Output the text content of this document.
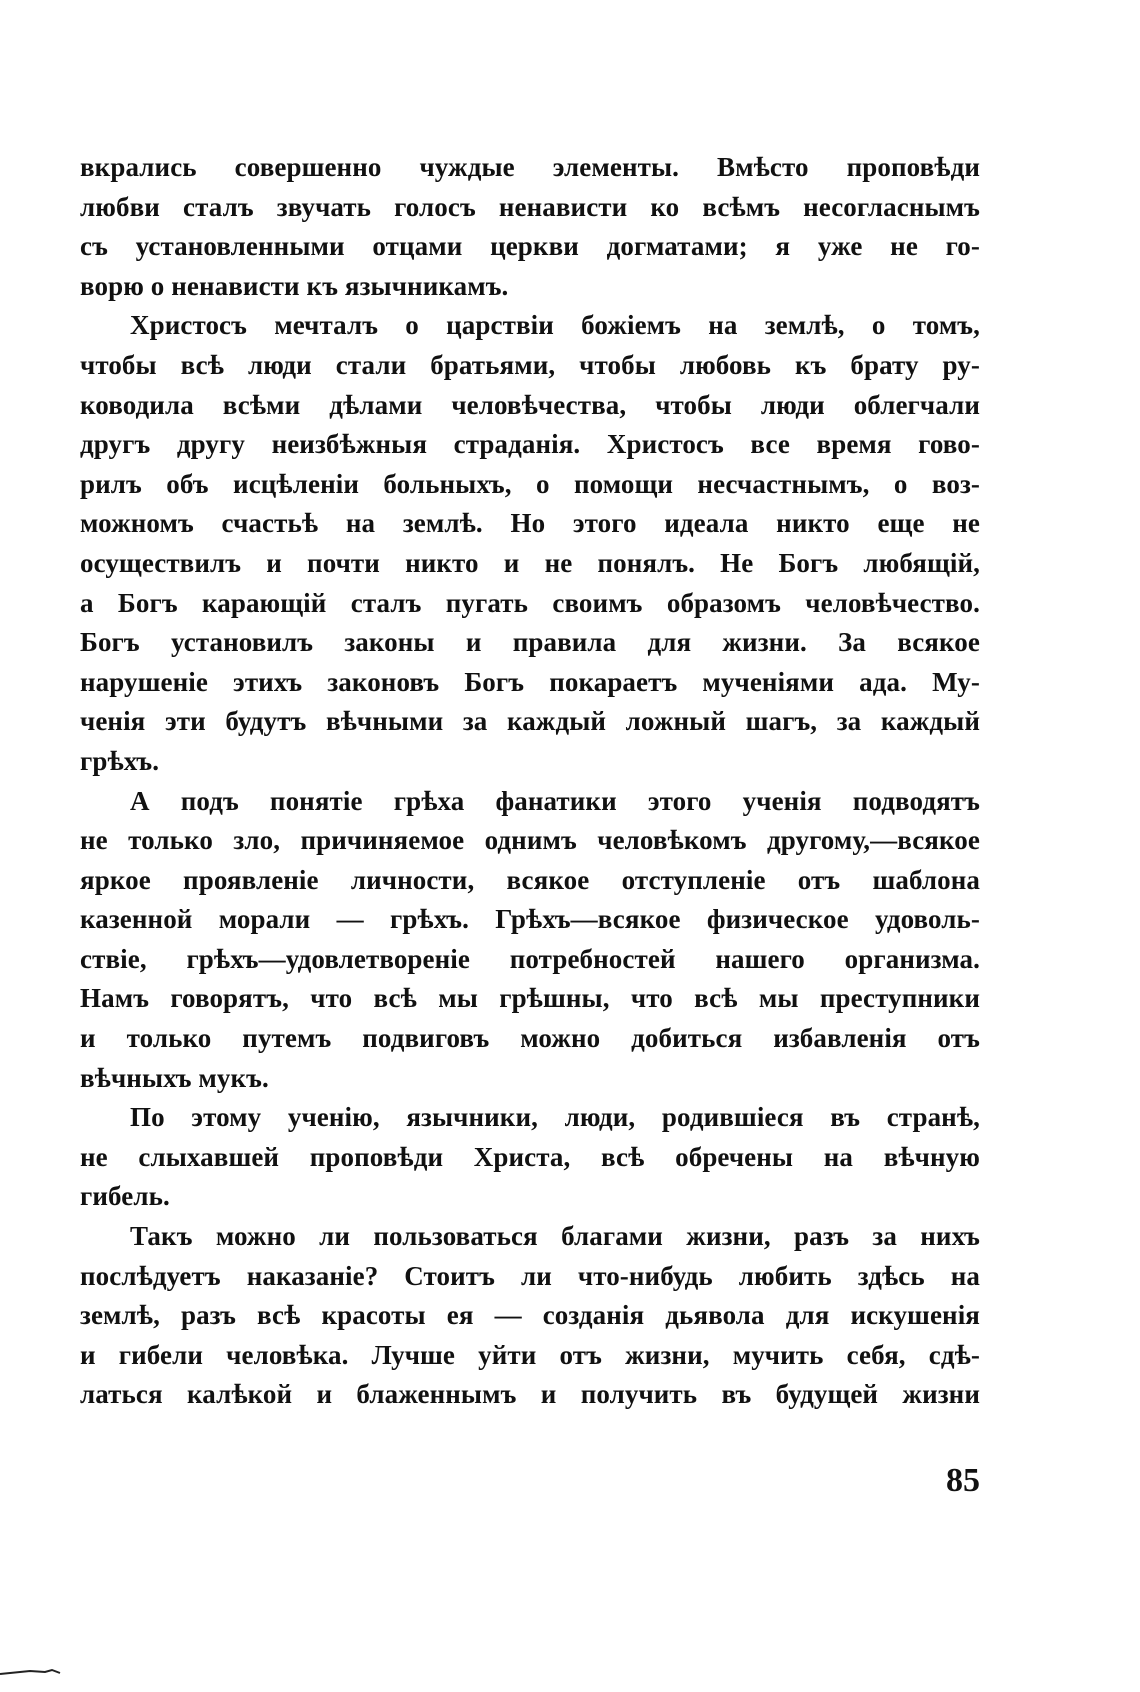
вкрались совершенно чуждые элементы. Вмѣсто проповѣди
любви сталъ звучать голосъ ненависти ко всѣмъ несогласнымъ
съ установленными отцами церкви догматами; я уже не го-
ворю о ненависти къ язычникамъ.
Христосъ мечталъ о царствіи божіемъ на землѣ, о томъ,
чтобы всѣ люди стали братьями, чтобы любовь къ брату ру-
ководила всѣми дѣлами человѣчества, чтобы люди облегчали
другъ другу неизбѣжныя страданія. Христосъ все время гово-
рилъ объ исцѣленіи больныхъ, о помощи несчастнымъ, о воз-
можномъ счастьѣ на землѣ. Но этого идеала никто еще не
осуществилъ и почти никто и не понялъ. Не Богъ любящій,
а Богъ карающій сталъ пугать своимъ образомъ человѣчество.
Богъ установилъ законы и правила для жизни. За всякое
нарушеніе этихъ законовъ Богъ покараетъ мученіями ада. Му-
ченія эти будутъ вѣчными за каждый ложный шагъ, за каждый
грѣхъ.
А подъ понятіе грѣха фанатики этого ученія подводятъ
не только зло, причиняемое однимъ человѣкомъ другому,—всякое
яркое проявленіе личности, всякое отступленіе отъ шаблона
казенной морали — грѣхъ. Грѣхъ—всякое физическое удоволь-
ствіе, грѣхъ—удовлетвореніе потребностей нашего организма.
Намъ говорятъ, что всѣ мы грѣшны, что всѣ мы преступники
и только путемъ подвиговъ можно добиться избавленія отъ
вѣчныхъ мукъ.
По этому ученію, язычники, люди, родившіеся въ странѣ,
не слыхавшей проповѣди Христа, всѣ обречены на вѣчную
гибель.
Такъ можно ли пользоваться благами жизни, разъ за нихъ
послѣдуетъ наказаніе? Стоитъ ли что-нибудь любить здѣсь на
землѣ, разъ всѣ красоты ея — созданія дьявола для искушенія
и гибели человѣка. Лучше уйти отъ жизни, мучить себя, сдѣ-
латься калѣкой и блаженнымъ и получить въ будущей жизни
85
